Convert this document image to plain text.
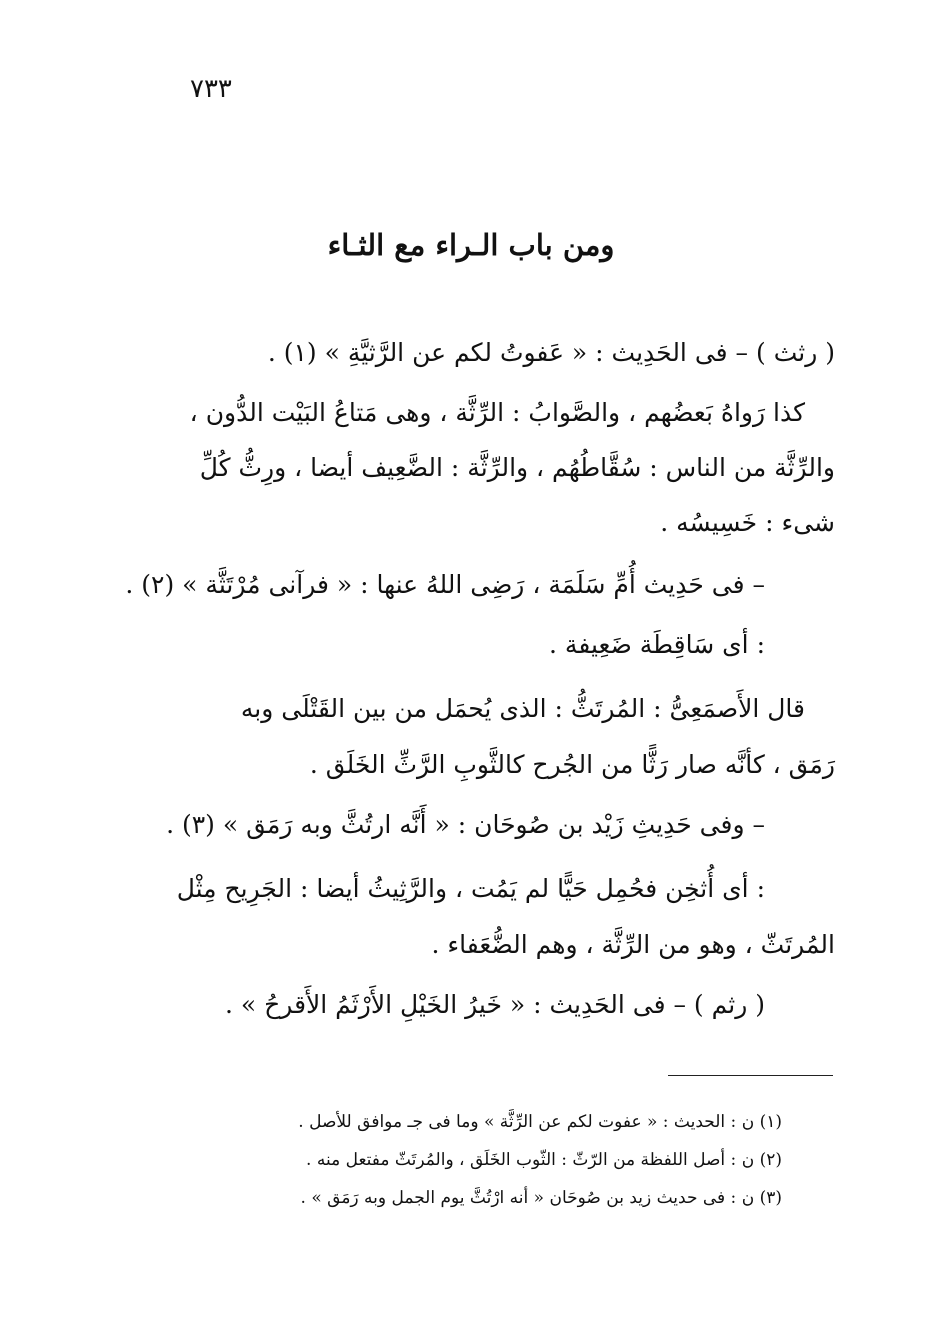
٧٣٣
ومن باب الـراء مع الثـاء
( رثث ) – فى الحَدِيث : « عَفوتُ لكم عن الرَّثيَّةِ » (١) .
كذا رَواهُ بَعضُهم ، والصَّوابُ : الرِّثَّة ، وهى مَتاعُ البَيْت الدُّون ،
والرِّثَّة من الناس : سُقَّاطُهُم ، والرِّثَّة : الضَّعِيف أيضا ، ورِثُّ كُلِّ
شىء : خَسِيسُه .
– فى حَدِيث أُمِّ سَلَمَة ، رَضِى اللهُ عنها : « فرآنى مُرْتَثَّة » (٢) .
: أى سَاقِطَة ضَعِيفة .
قال الأَصمَعِىُّ : المُرتَثُّ : الذى يُحمَل من بين القَتْلَى وبه
رَمَق ، كأنَّه صار رَثًّا من الجُرح كالثَّوبِ الرَّثِّ الخَلَق .
– وفى حَدِيثِ زَيْد بن صُوحَان : « أَنَّه ارتُثَّ وبه رَمَق » (٣) .
: أى أُثخِن فحُمِل حَيًّا لم يَمُت ، والرَّثِيثُ أيضا : الجَرِيح مِثْل
المُرتَثّ ، وهو من الرِّثَّة ، وهم الضُّعَفاء .
( رثم ) – فى الحَدِيث : « خَيرُ الخَيْلِ الأَرْثَمُ الأَقرحُ » .
(١) ن : الحديث : « عفوت لكم عن الرِّثَّة » وما فى جـ موافق للأصل .
(٢) ن : أصل اللفظة من الرّثّ : الثّوب الخَلَق ، والمُرتَثّ مفتعل منه .
(٣) ن : فى حديث زيد بن صُوحَان « أنه ارْتُثَّ يوم الجمل وبه رَمَق » .
